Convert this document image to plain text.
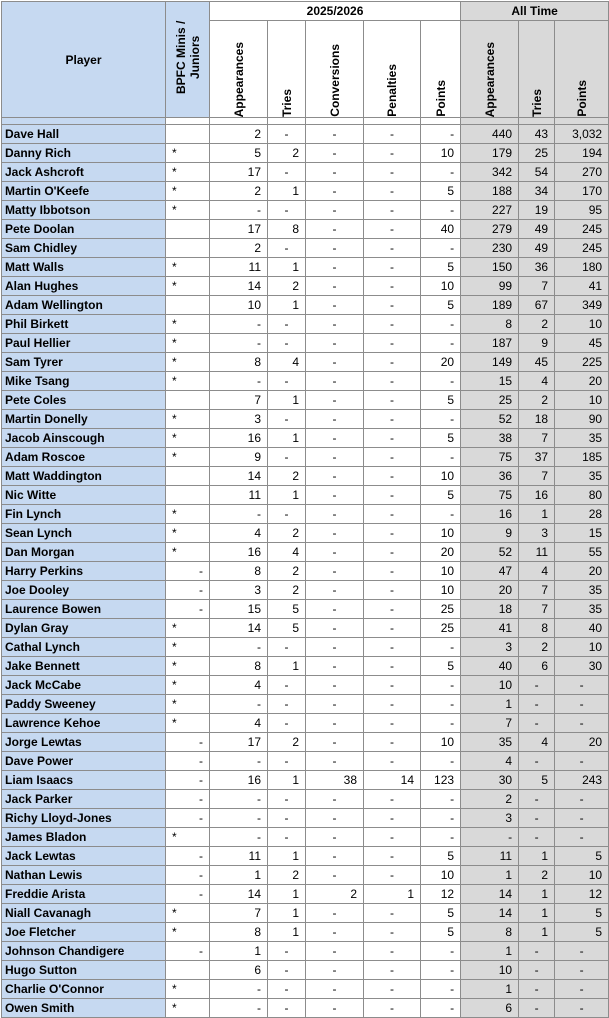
Player	BPFC Minis / Juniors	2025/2026					All Time		

		Appearances	Tries	Conversions	Penalties	Points	Appearances	Tries	Points

Dave Hall		2	-	-	-	-	440	43	3,032
Danny Rich	*	5	2	-	-	10	179	25	194
Jack Ashcroft	*	17	-	-	-	-	342	54	270
Martin O'Keefe	*	2	1	-	-	5	188	34	170
Matty Ibbotson	*	-	-	-	-	-	227	19	95
Pete Doolan		17	8	-	-	40	279	49	245
Sam Chidley		2	-	-	-	-	230	49	245
Matt Walls	*	11	1	-	-	5	150	36	180
Alan Hughes	*	14	2	-	-	10	99	7	41
Adam Wellington		10	1	-	-	5	189	67	349
Phil Birkett	*	-	-	-	-	-	8	2	10
Paul Hellier	*	-	-	-	-	-	187	9	45
Sam Tyrer	*	8	4	-	-	20	149	45	225
Mike Tsang	*	-	-	-	-	-	15	4	20
Pete Coles		7	1	-	-	5	25	2	10
Martin Donelly	*	3	-	-	-	-	52	18	90
Jacob Ainscough	*	16	1	-	-	5	38	7	35
Adam Roscoe	*	9	-	-	-	-	75	37	185
Matt Waddington		14	2	-	-	10	36	7	35
Nic Witte		11	1	-	-	5	75	16	80
Fin Lynch	*	-	-	-	-	-	16	1	28
Sean Lynch	*	4	2	-	-	10	9	3	15
Dan Morgan	*	16	4	-	-	20	52	11	55
Harry Perkins	-	8	2	-	-	10	47	4	20
Joe Dooley	-	3	2	-	-	10	20	7	35
Laurence Bowen	-	15	5	-	-	25	18	7	35
Dylan Gray	*	14	5	-	-	25	41	8	40
Cathal Lynch	*	-	-	-	-	-	3	2	10
Jake Bennett	*	8	1	-	-	5	40	6	30
Jack McCabe	*	4	-	-	-	-	10	-	-
Paddy Sweeney	*	-	-	-	-	-	1	-	-
Lawrence Kehoe	*	4	-	-	-	-	7	-	-
Jorge Lewtas	-	17	2	-	-	10	35	4	20
Dave Power	-	-	-	-	-	-	4	-	-
Liam Isaacs	-	16	1	38	14	123	30	5	243
Jack Parker	-	-	-	-	-	-	2	-	-
Richy Lloyd-Jones	-	-	-	-	-	-	3	-	-
James Bladon	*	-	-	-	-	-	-	-	-
Jack Lewtas	-	11	1	-	-	5	11	1	5
Nathan Lewis	-	1	2	-	-	10	1	2	10
Freddie Arista	-	14	1	2	1	12	14	1	12
Niall Cavanagh	*	7	1	-	-	5	14	1	5
Joe Fletcher	*	8	1	-	-	5	8	1	5
Johnson Chandigere	-	1	-	-	-	-	1	-	-
Hugo Sutton		6	-	-	-	-	10	-	-
Charlie O'Connor	*	-	-	-	-	-	1	-	-
Owen Smith	*	-	-	-	-	-	6	-	-
